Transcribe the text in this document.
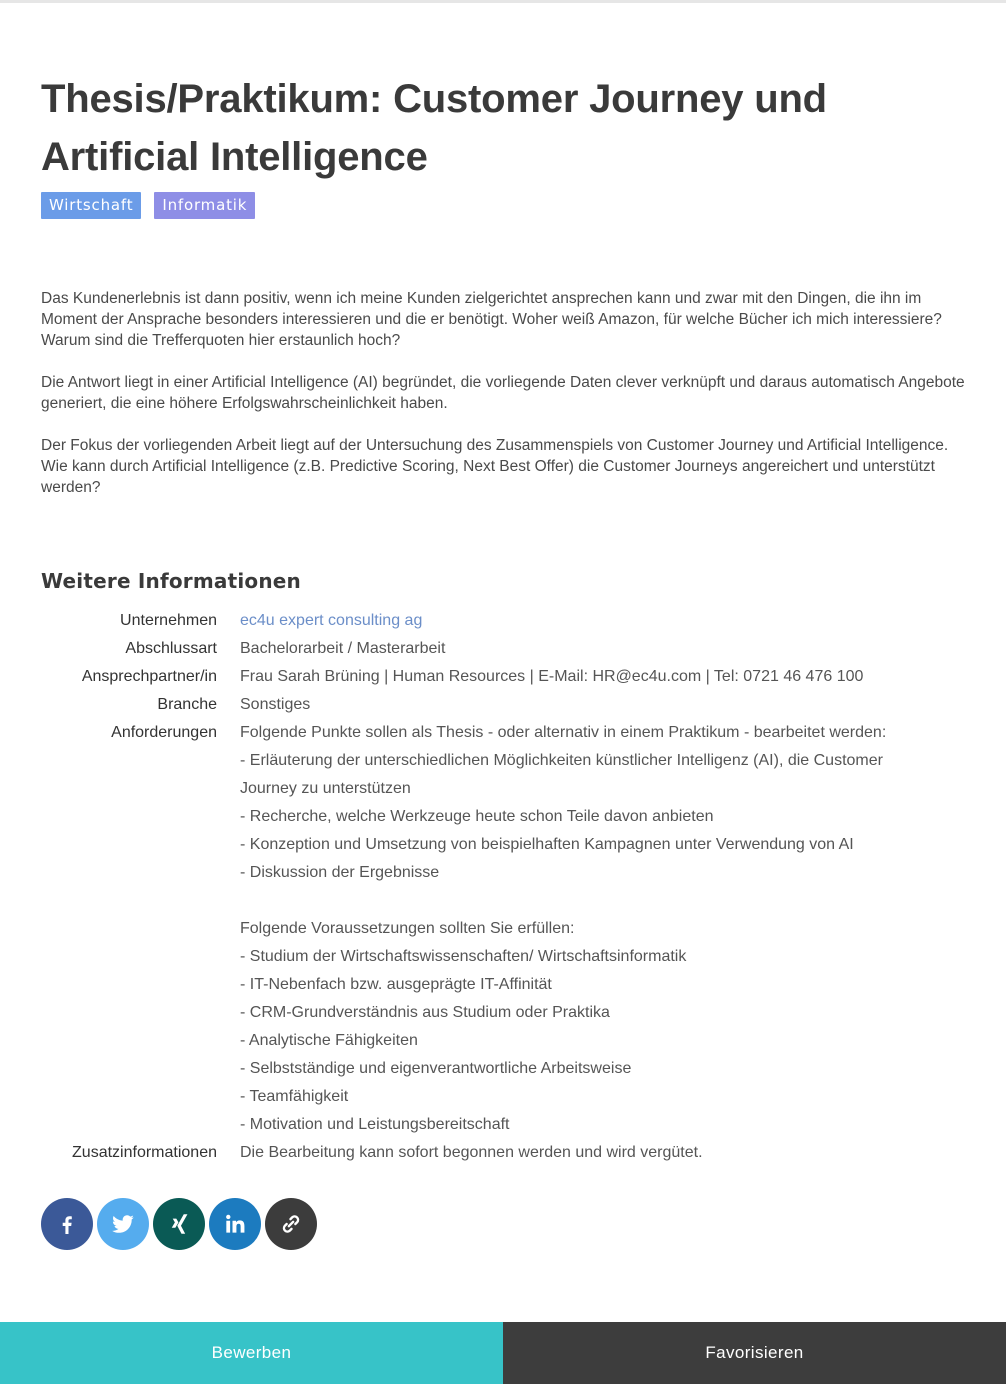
Thesis/Praktikum: Customer Journey und Artificial Intelligence
Wirtschaft	Informatik

Das Kundenerlebnis ist dann positiv, wenn ich meine Kunden zielgerichtet ansprechen kann und zwar mit den Dingen, die ihn im Moment der Ansprache besonders interessieren und die er benötigt. Woher weiß Amazon, für welche Bücher ich mich interessiere? Warum sind die Trefferquoten hier erstaunlich hoch?

Die Antwort liegt in einer Artificial Intelligence (AI) begründet, die vorliegende Daten clever verknüpft und daraus automatisch Angebote generiert, die eine höhere Erfolgswahrscheinlichkeit haben.

Der Fokus der vorliegenden Arbeit liegt auf der Untersuchung des Zusammenspiels von Customer Journey und Artificial Intelligence. Wie kann durch Artificial Intelligence (z.B. Predictive Scoring, Next Best Offer) die Customer Journeys angereichert und unterstützt werden?

Weitere Informationen
Unternehmen ec4u expert consulting ag
Abschlussart Bachelorarbeit / Masterarbeit
Ansprechpartner/in Frau Sarah Brüning | Human Resources | E-Mail: HR@ec4u.com | Tel: 0721 46 476 100
Branche Sonstiges
Anforderungen Folgende Punkte sollen als Thesis - oder alternativ in einem Praktikum - bearbeitet werden:
- Erläuterung der unterschiedlichen Möglichkeiten künstlicher Intelligenz (AI), die Customer Journey zu unterstützen
- Recherche, welche Werkzeuge heute schon Teile davon anbieten
- Konzeption und Umsetzung von beispielhaften Kampagnen unter Verwendung von AI
- Diskussion der Ergebnisse
Folgende Voraussetzungen sollten Sie erfüllen:
- Studium der Wirtschaftswissenschaften/ Wirtschaftsinformatik
- IT-Nebenfach bzw. ausgeprägte IT-Affinität
- CRM-Grundverständnis aus Studium oder Praktika
- Analytische Fähigkeiten
- Selbstständige und eigenverantwortliche Arbeitsweise
- Teamfähigkeit
- Motivation und Leistungsbereitschaft
Zusatzinformationen Die Bearbeitung kann sofort begonnen werden und wird vergütet.
Bewerben	Favorisieren
